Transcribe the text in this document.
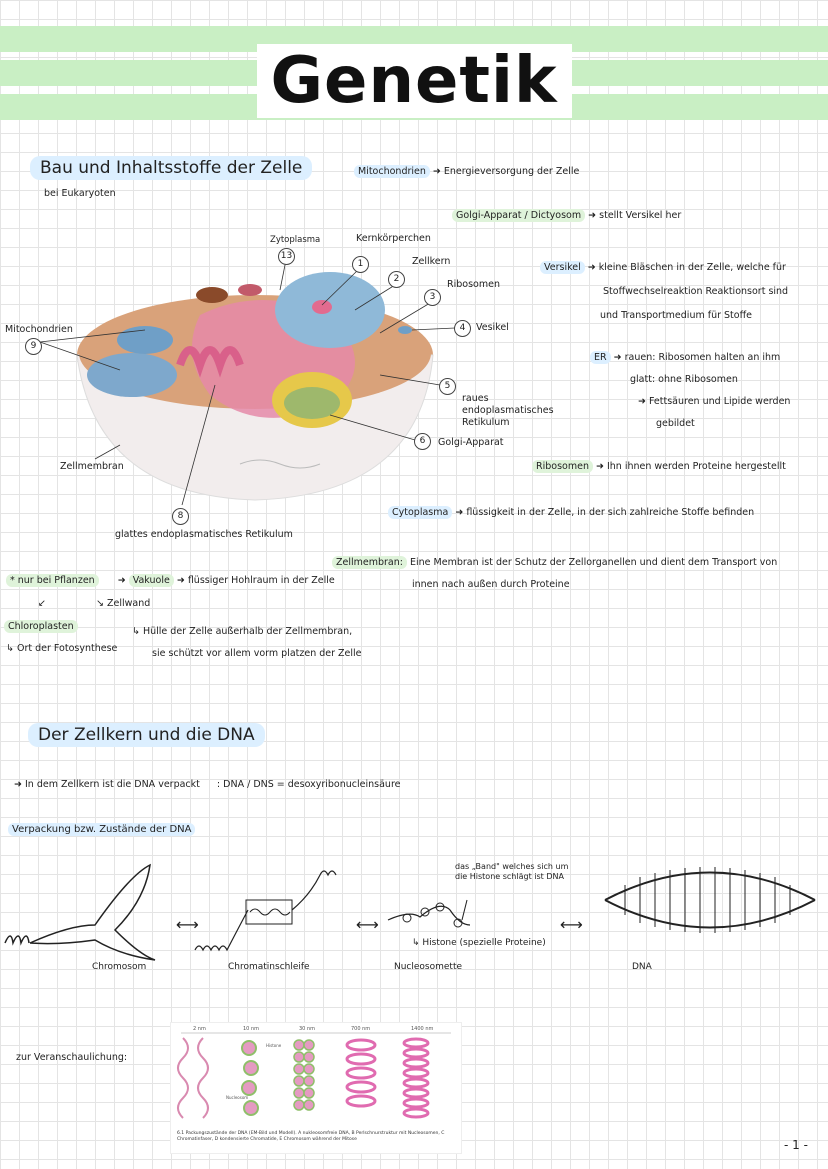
Genetik
Bau und Inhaltsstoffe der Zelle
bei Eukaryoten
13
1
2
3
4
5
6
8
9
Zytoplasma	Kernkörperchen
Zellkern
Ribosomen
Vesikel
raues endoplasmatisches Retikulum
Golgi-Apparat
glattes endoplasmatisches Retikulum
Zellmembran
Mitochondrien
Mitochondrien ➜ Energieversorgung der Zelle
Golgi-Apparat / Dictyosom ➜ stellt Versikel her
Versikel ➜ kleine Bläschen in der Zelle, welche für
Stoffwechselreaktion Reaktionsort sind
und Transportmedium für Stoffe
ER ➜ rauen: Ribosomen halten an ihm
glatt: ohne Ribosomen
➜ Fettsäuren und Lipide werden
gebildet
Ribosomen ➜ Ihn ihnen werden Proteine hergestellt
Cytoplasma ➜ flüssigkeit in der Zelle, in der sich zahlreiche Stoffe befinden
Zellmembran: Eine Membran ist der Schutz der Zellorganellen und dient dem Transport von
innen nach außen durch Proteine
* nur bei Pflanzen ➜ Vakuole ➜ flüssiger Hohlraum in der Zelle
↙	↘ Zellwand
Chloroplasten	↳ Hülle der Zelle außerhalb der Zellmembran,
sie schützt vor allem vorm platzen der Zelle
↳ Ort der Fotosynthese
Der Zellkern und die DNA
➜ In dem Zellkern ist die DNA verpackt : DNA / DNS = desoxyribonucleinsäure
Verpackung bzw. Zustände der DNA
⟷	⟷	⟷
Chromosom	Chromatinschleife	Nucleosomette	DNA
das „Band" welches sich um
die Histone schlägt ist DNA
↳ Histone (spezielle Proteine)
zur Veranschaulichung:
2 nm	10 nm	30 nm	700 nm	1400 nm
Histone
Nucleosom
6.1 Packungszustände der DNA (EM-Bild und Modell). A nukleosomfreie DNA, B Perlschnurstruktur mit Nucleosomen, C Chromatinfaser, D kondensierte Chromatide, E Chromosom während der Mitose	- 1 -
